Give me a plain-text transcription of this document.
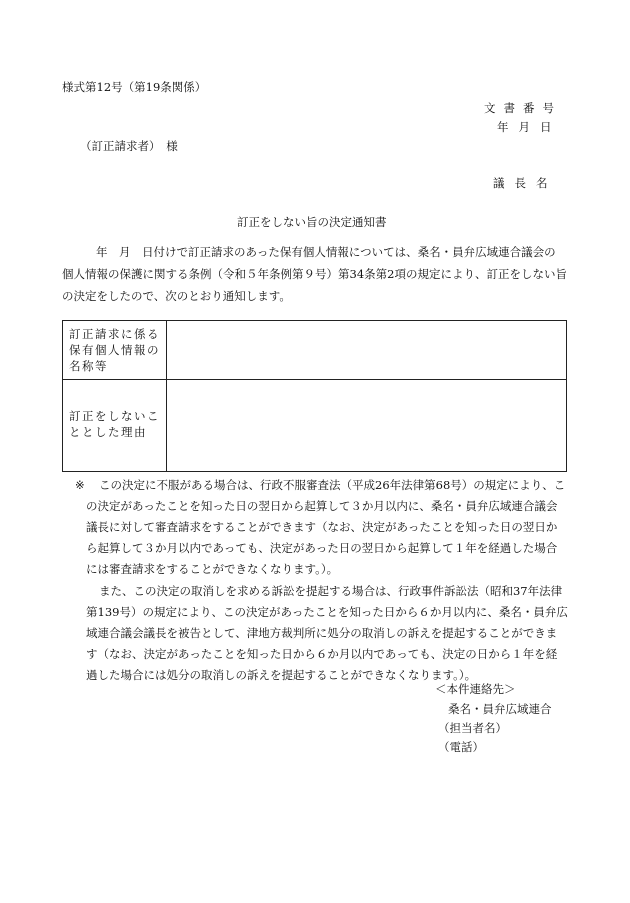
様式第12号（第19条関係）
文書番号
年月日
（訂正請求者）　様
議長名
訂正をしない旨の決定通知書
年　月　日付けで訂正請求のあった保有個人情報については、桑名・員弁広域連合議会の
個人情報の保護に関する条例（令和５年条例第９号）第34条第2項の規定により、訂正をしない旨
の決定をしたので、次のとおり通知します。
訂正請求に係る
保有個人情報の
名称等
訂正をしないこ
ととした理由
※ この決定に不服がある場合は、行政不服審査法（平成26年法律第68号）の規定により、こ
の決定があったことを知った日の翌日から起算して３か月以内に、桑名・員弁広域連合議会
議長に対して審査請求をすることができます（なお、決定があったことを知った日の翌日か
ら起算して３か月以内であっても、決定があった日の翌日から起算して１年を経過した場合
には審査請求をすることができなくなります。）。
また、この決定の取消しを求める訴訟を提起する場合は、行政事件訴訟法（昭和37年法律
第139号）の規定により、この決定があったことを知った日から６か月以内に、桑名・員弁広
域連合議会議長を被告として、津地方裁判所に処分の取消しの訴えを提起することができま
す（なお、決定があったことを知った日から６か月以内であっても、決定の日から１年を経
過した場合には処分の取消しの訴えを提起することができなくなります。）。
＜本件連絡先＞
桑名・員弁広域連合
（担当者名）
（電話）
